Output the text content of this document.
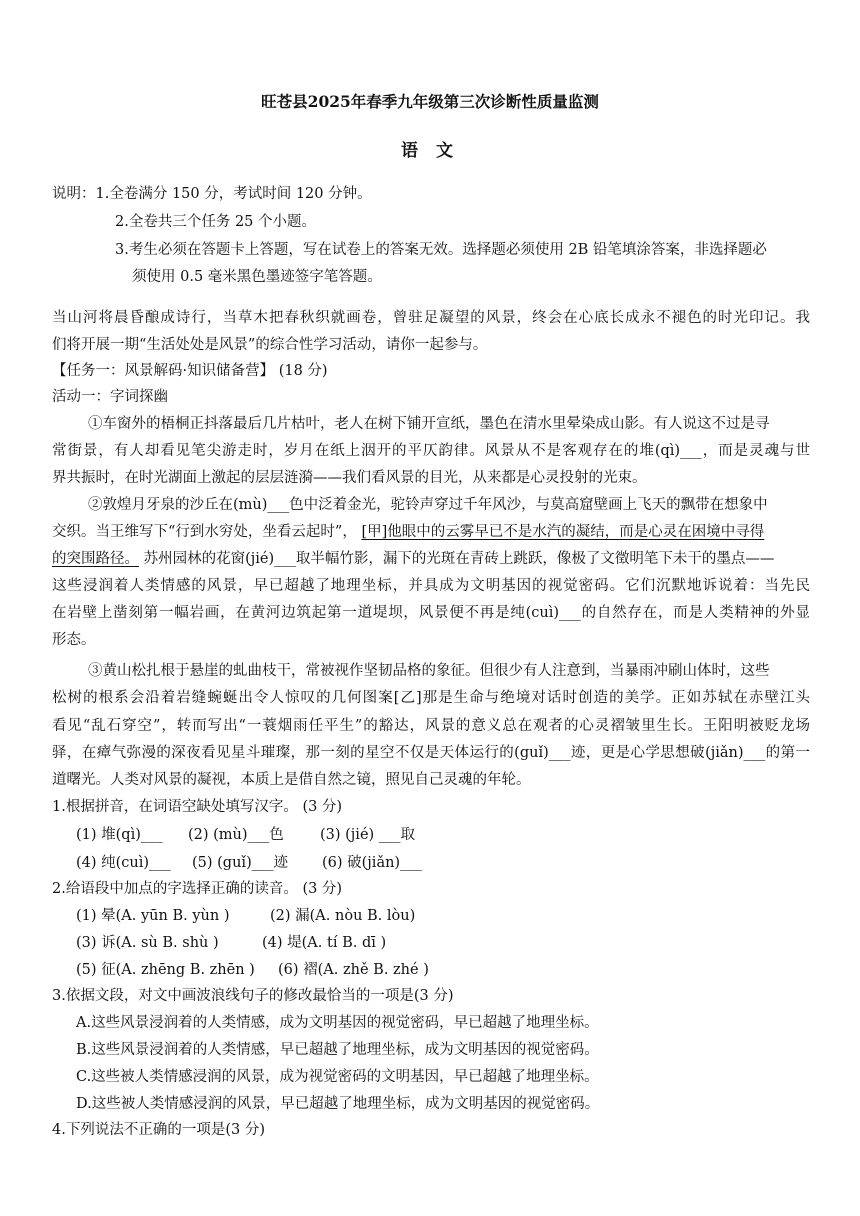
旺苍县2025年春季九年级第三次诊断性质量监测
语 文
说明：1.全卷满分 150 分，考试时间 120 分钟。
2.全卷共三个任务 25 个小题。
3.考生必须在答题卡上答题，写在试卷上的答案无效。选择题必须使用 2B 铅笔填涂答案，非选择题必
须使用 0.5 毫米黑色墨迹签字笔答题。
当山河将晨昏酿成诗行，当草木把春秋织就画卷，曾驻足凝望的风景，终会在心底长成永不褪色的时光印记。我
们将开展一期“生活处处是风景”的综合性学习活动，请你一起参与。
【任务一：风景解码·知识储备营】 (18 分)
活动一：字词探幽
①车窗外的梧桐正抖落最后几片枯叶，老人在树下铺开宣纸，墨色在清水里晕染成山影。有人说这不过是寻
常街景，有人却看见笔尖游走时，岁月在纸上洇开的平仄韵律。风景从不是客观存在的堆(qì)___，而是灵魂与世
界共振时，在时光湖面上激起的层层涟漪——我们看风景的目光，从来都是心灵投射的光束。
②敦煌月牙泉的沙丘在(mù)___色中泛着金光，驼铃声穿过千年风沙，与莫高窟壁画上飞天的飘带在想象中
交织。当王维写下“行到水穷处，坐看云起时”， [甲]他眼中的云雾早已不是水汽的凝结，而是心灵在困境中寻得
的突围路径。 苏州园林的花窗(jié)___取半幅竹影，漏下的光斑在青砖上跳跃，像极了文徵明笔下未干的墨点——
这些浸润着人类情感的风景，早已超越了地理坐标，并具成为文明基因的视觉密码。它们沉默地诉说着：当先民
在岩壁上凿刻第一幅岩画，在黄河边筑起第一道堤坝，风景便不再是纯(cuì)___的自然存在，而是人类精神的外显
形态。
③黄山松扎根于悬崖的虬曲枝干，常被视作坚韧品格的象征。但很少有人注意到，当暴雨冲刷山体时，这些
松树的根系会沿着岩缝蜿蜒出令人惊叹的几何图案[乙]那是生命与绝境对话时创造的美学。正如苏轼在赤壁江头
看见“乱石穿空”，转而写出“一蓑烟雨任平生”的豁达，风景的意义总在观者的心灵褶皱里生长。王阳明被贬龙场
驿，在瘴气弥漫的深夜看见星斗璀璨，那一刻的星空不仅是天体运行的(guǐ)___迹，更是心学思想破(jiǎn)___的第一
道曙光。人类对风景的凝视，本质上是借自然之镜，照见自己灵魂的年轮。
1.根据拼音，在词语空缺处填写汉字。 (3 分)
(1) 堆(qì)___ (2) (mù)___色 (3) (jié) ___取
(4) 纯(cuì)___ (5) (guǐ)___迹 (6) 破(jiǎn)___
2.给语段中加点的字选择正确的读音。 (3 分)
(1) 晕(A. yūn B. yùn )	(2) 漏(A. nòu B. lòu)
(3) 诉(A. sù B. shù )	(4) 堤(A. tí B. dī )
(5) 征(A. zhēng B. zhēn ) (6) 褶(A. zhě B. zhé )
3.依据文段，对文中画波浪线句子的修改最恰当的一项是(3 分)
A.这些风景浸润着的人类情感，成为文明基因的视觉密码，早已超越了地理坐标。
B.这些风景浸润着的人类情感，早已超越了地理坐标，成为文明基因的视觉密码。
C.这些被人类情感浸润的风景，成为视觉密码的文明基因，早已超越了地理坐标。
D.这些被人类情感浸润的风景，早已超越了地理坐标，成为文明基因的视觉密码。
4.下列说法不正确的一项是(3 分)
